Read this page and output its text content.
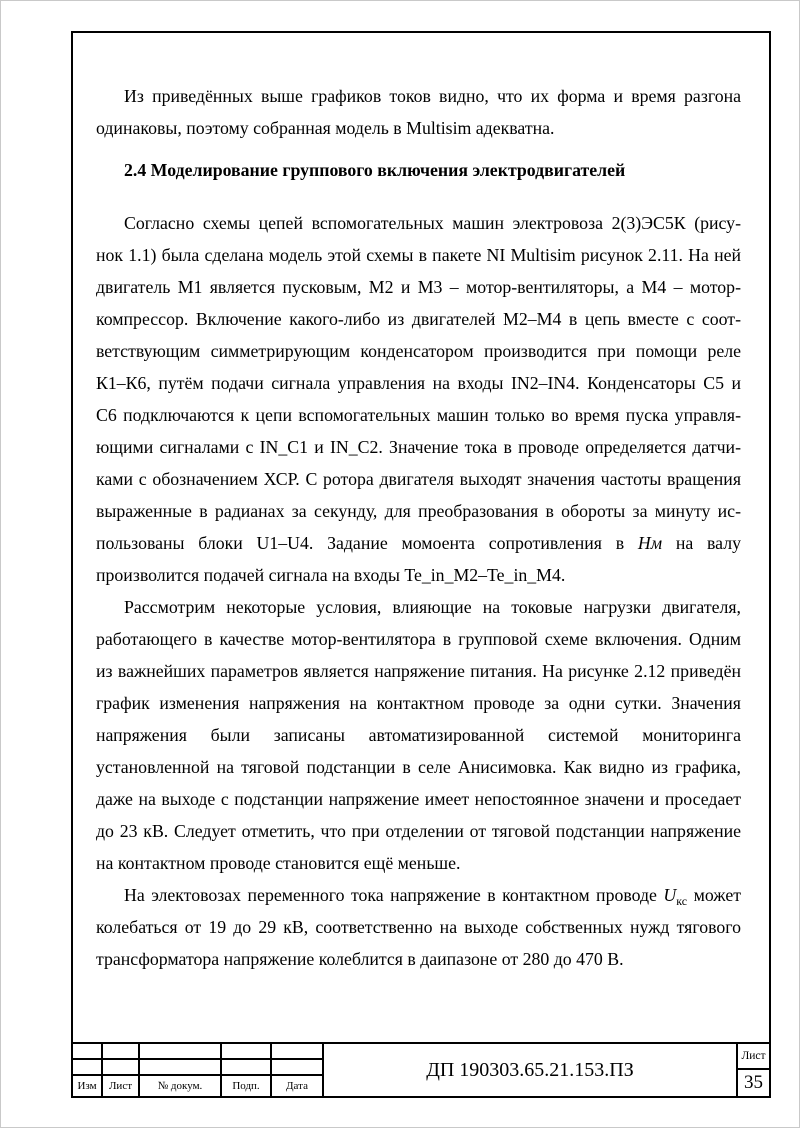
Из приведённых выше графиков токов видно, что их форма и время разгона
одинаковы, поэтому собранная модель в Multisim адекватна.
2.4 Моделирование группового включения электродвигателей
Согласно схемы цепей вспомогательных машин электровоза 2(3)ЭС5К (рису-
нок 1.1) была сделана модель этой схемы в пакете NI Multisim рисунок 2.11. На ней
двигатель М1 является пусковым, М2 и М3 – мотор-вентиляторы, а М4 – мотор-
компрессор. Включение какого-либо из двигателей М2–М4 в цепь вместе с соот-
ветствующим симметрирующим конденсатором производится при помощи реле
К1–К6, путём подачи сигнала управления на входы IN2–IN4. Конденсаторы С5 и
С6 подключаются к цепи вспомогательных машин только во время пуска управля-
ющими сигналами с IN_C1 и IN_C2. Значение тока в проводе определяется датчи-
ками с обозначением ХСР. С ротора двигателя выходят значения частоты вращения
выраженные в радианах за секунду, для преобразования в обороты за минуту ис-
пользованы блоки U1–U4. Задание момоента сопротивления в Нм на валу
произволится подачей сигнала на входы Te_in_M2–Te_in_M4.
Рассмотрим некоторые условия, влияющие на токовые нагрузки двигателя,
работающего в качестве мотор-вентилятора в групповой схеме включения. Одним
из важнейших параметров является напряжение питания. На рисунке 2.12 приведён
график изменения напряжения на контактном проводе за одни сутки. Значения
напряжения были записаны автоматизированной системой мониторинга
установленной на тяговой подстанции в селе Анисимовка. Как видно из графика,
даже на выходе с подстанции напряжение имеет непостоянное значени и проседает
до 23 кВ. Следует отметить, что при отделении от тяговой подстанции напряжение
на контактном проводе становится ещё меньше.
На электовозах переменного тока напряжение в контактном проводе $U_{кс}$ может
колебаться от 19 до 29 кВ, соответственно на выходе собственных нужд тягового
трансформатора напряжение колеблится в даипазоне от 280 до 470 В.
Изм	Лист	№ докум.	Подп.	Дата
ДП 190303.65.21.153.ПЗ
Лист
35
